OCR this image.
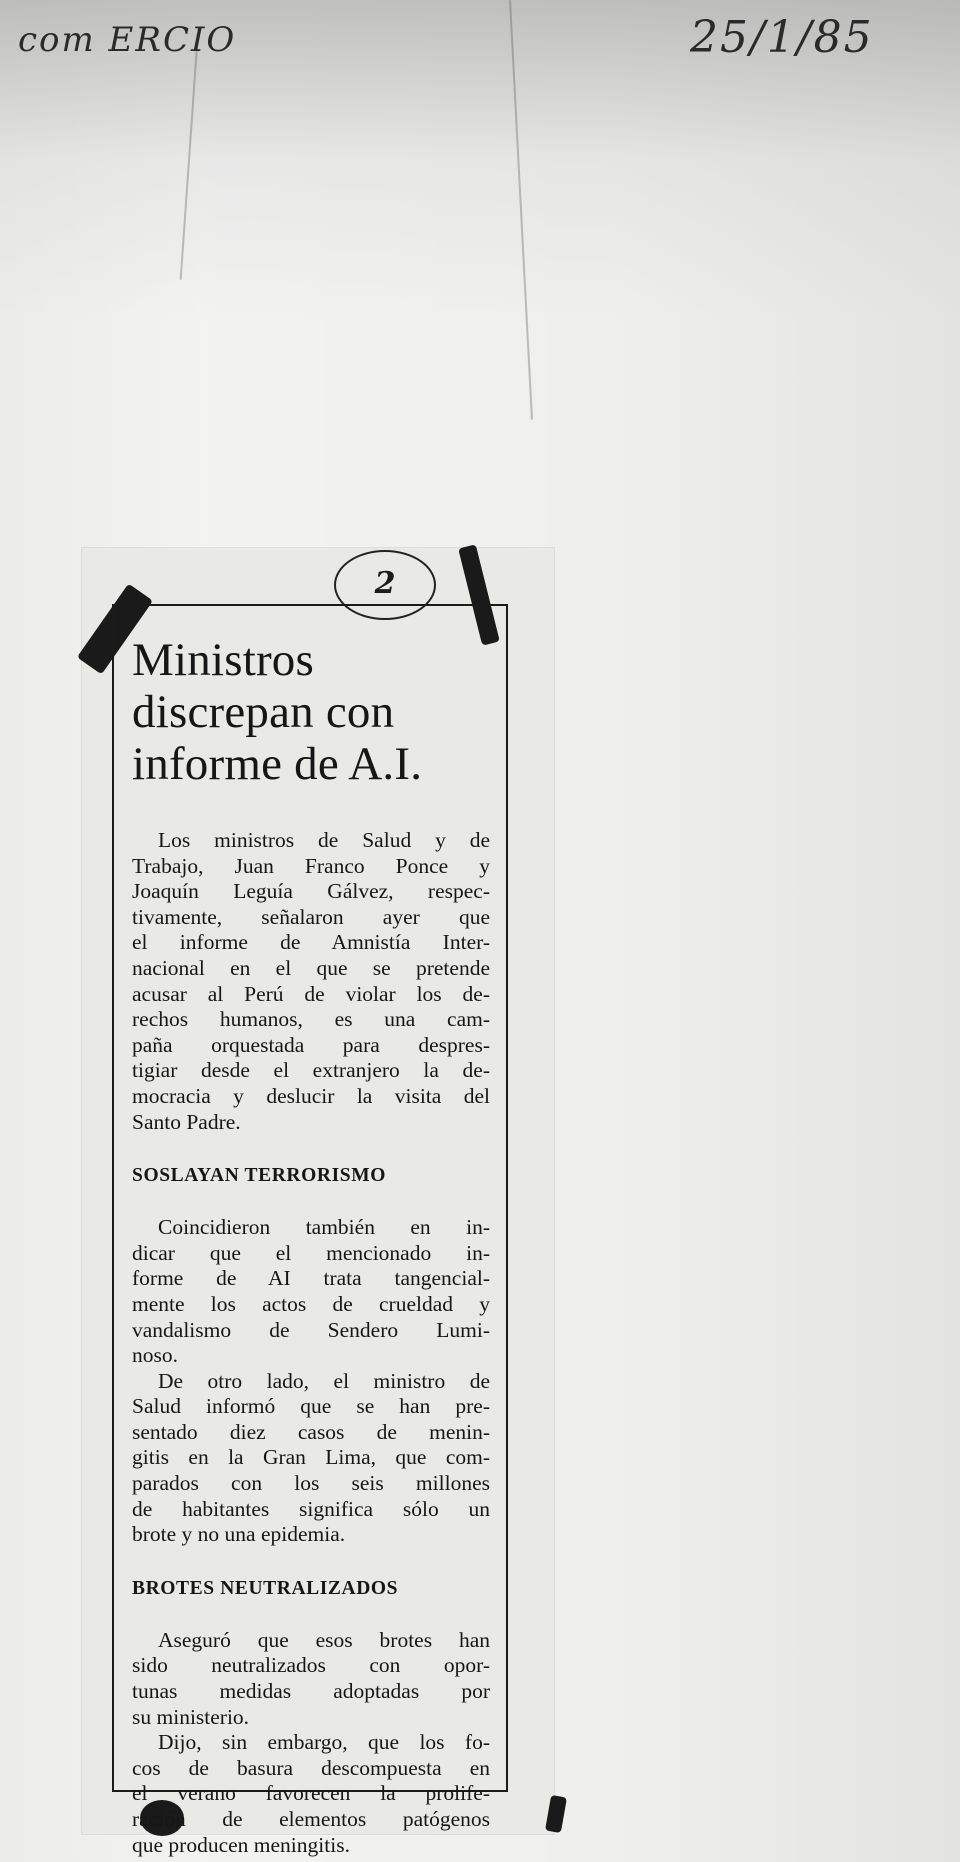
com ERCIO	25/1/85
2
Ministros
discrepan con
informe de A.I.

Los ministros de Salud y de
Trabajo, Juan Franco Ponce y
Joaquín Leguía Gálvez, respec-
tivamente, señalaron ayer que
el informe de Amnistía Inter-
nacional en el que se pretende
acusar al Perú de violar los de-
rechos humanos, es una cam-
paña orquestada para despres-
tigiar desde el extranjero la de-
mocracia y deslucir la visita del
Santo Padre.

SOSLAYAN TERRORISMO

Coincidieron también en in-
dicar que el mencionado in-
forme de AI trata tangencial-
mente los actos de crueldad y
vandalismo de Sendero Lumi-
noso.

De otro lado, el ministro de
Salud informó que se han pre-
sentado diez casos de menin-
gitis en la Gran Lima, que com-
parados con los seis millones
de habitantes significa sólo un
brote y no una epidemia.

BROTES NEUTRALIZADOS

Aseguró que esos brotes han
sido neutralizados con opor-
tunas medidas adoptadas por
su ministerio.

Dijo, sin embargo, que los fo-
cos de basura descompuesta en
el verano favorecen la prolife-
ración de elementos patógenos
que producen meningitis.
